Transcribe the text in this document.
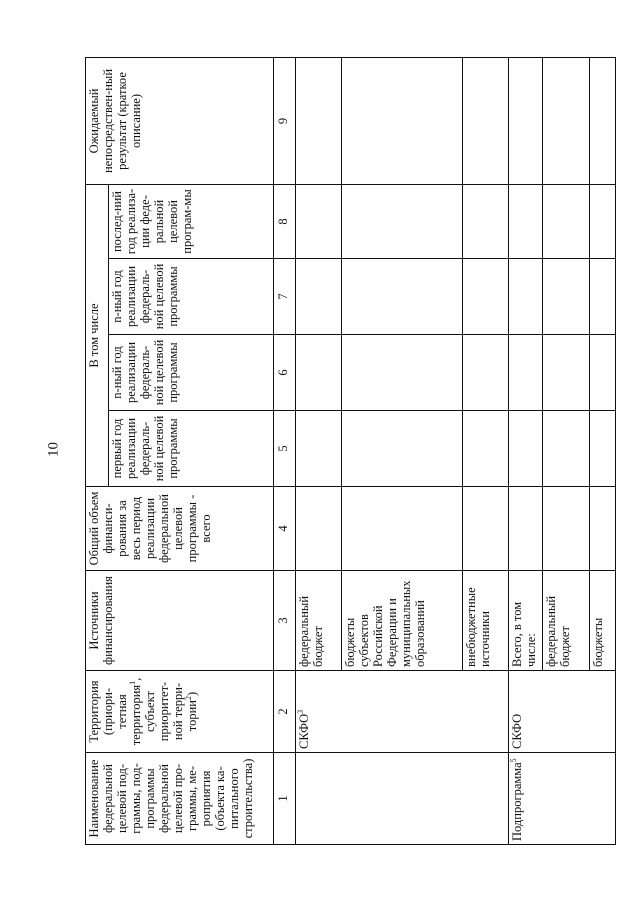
10
Наименование федеральной целевой под-граммы, под-программы федеральной целевой про-граммы, ме-роприятия (объекта ка-питального строительства)	Территория (приори-тетная территория$^1$, субъект приоритет-ной терри-тории$^2$)	Источники финансирования	Общий объем финанси-рования за весь период реализации федеральной целевой программы - всего	В том числе				Ожидаемый непосредствен-ный результат (краткое описание)
				первый год реализации федераль-ной целевой программы	n-ный год реализации федераль-ной целевой программы	n-ный год реализации федераль-ной целевой программы	послед-ний год реализа-ции феде-ральной целевой програм-мы	
1	2	3	4	5	6	7	8	9
	СКФО$^3$	федеральный бюджет						
		бюджеты субъектов Российской Федерации и муниципальных образований						
		внебюджетные источники						
Подпрограмма$^5$	СКФО	Всего, в том числе:						
		федеральный бюджет						
		бюджеты						
